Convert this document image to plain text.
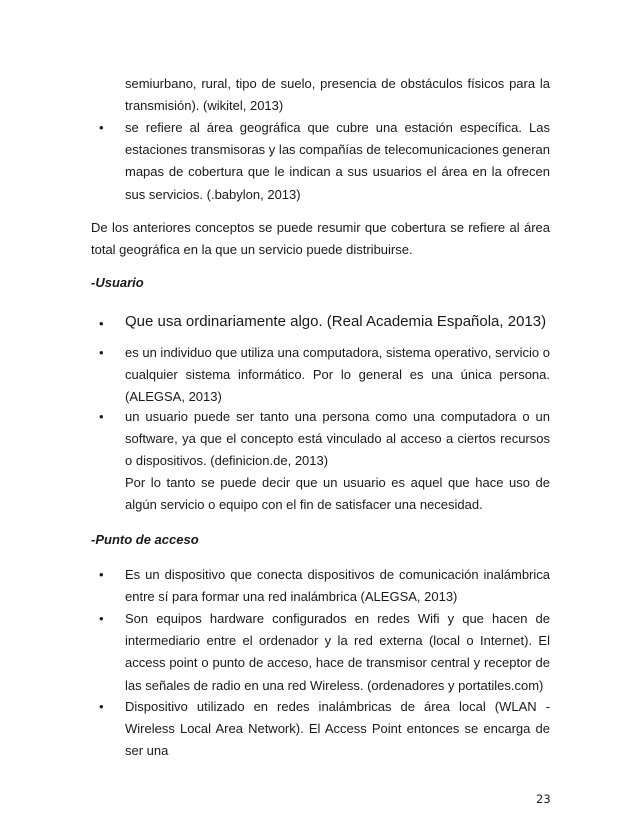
semiurbano, rural, tipo de suelo, presencia de obstáculos físicos para la transmisión). (wikitel, 2013)

• se refiere al área geográfica que cubre una estación específica. Las estaciones transmisoras y las compañías de telecomunicaciones generan mapas de cobertura que le indican a sus usuarios el área en la ofrecen sus servicios. (.babylon, 2013)

De los anteriores conceptos se puede resumir que cobertura se refiere al área total geográfica en la que un servicio puede distribuirse.

-Usuario
• Que usa ordinariamente algo. (Real Academia Española, 2013)

• es un individuo que utiliza una computadora, sistema operativo, servicio o cualquier sistema informático. Por lo general es una única persona. (ALEGSA, 2013)

• un usuario puede ser tanto una persona como una computadora o un software, ya que el concepto está vinculado al acceso a ciertos recursos o dispositivos. (definicion.de, 2013)

Por lo tanto se puede decir que un usuario es aquel que hace uso de algún servicio o equipo con el fin de satisfacer una necesidad.

-Punto de acceso
• Es un dispositivo que conecta dispositivos de comunicación inalámbrica entre sí para formar una red inalámbrica (ALEGSA, 2013)

• Son equipos hardware configurados en redes Wifi y que hacen de intermediario entre el ordenador y la red externa (local o Internet). El access point o punto de acceso, hace de transmisor central y receptor de las señales de radio en una red Wireless. (ordenadores y portatiles.com)

• Dispositivo utilizado en redes inalámbricas de área local (WLAN - Wireless Local Area Network). El Access Point entonces se encarga de ser una

23
